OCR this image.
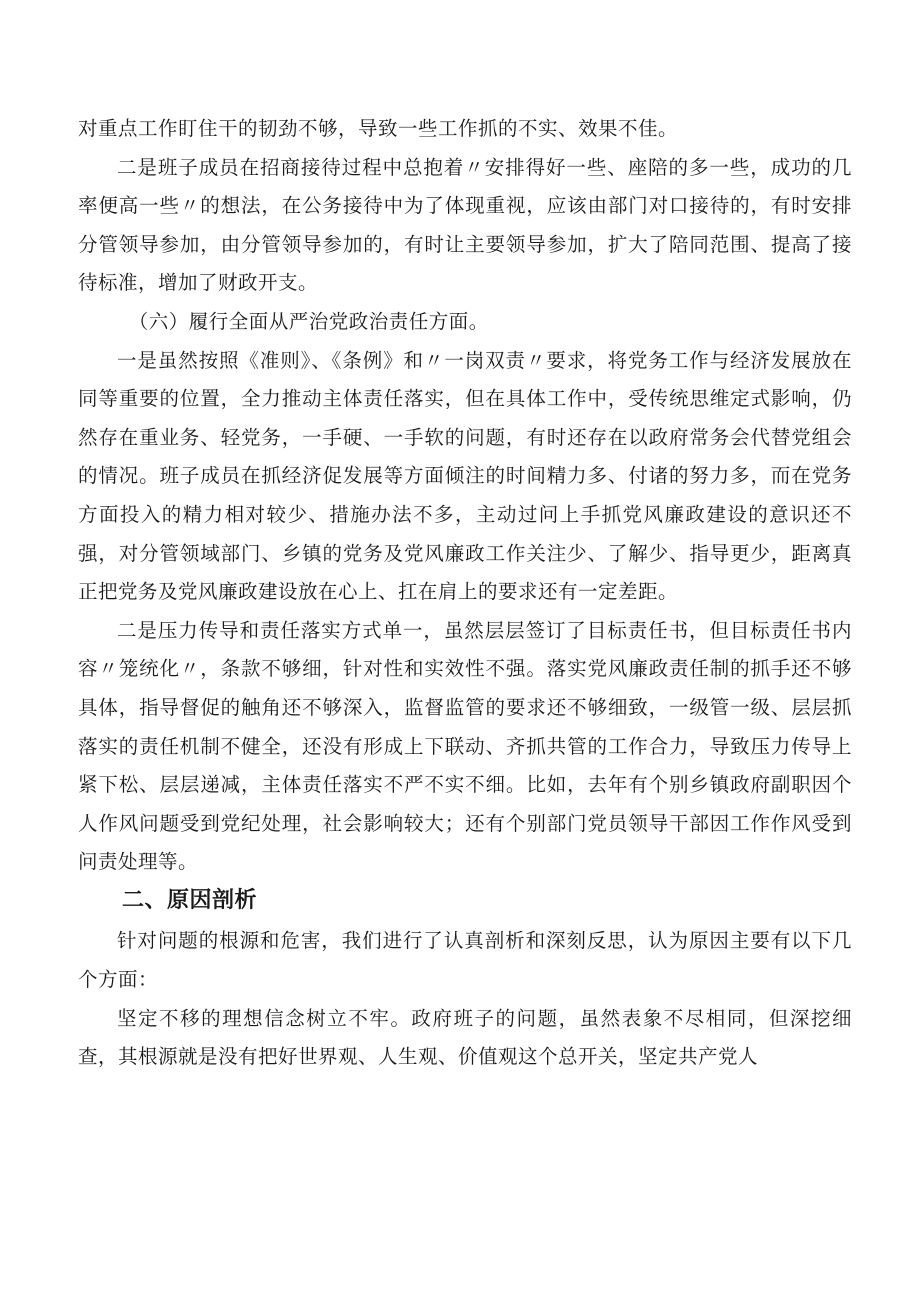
对重点工作盯住干的韧劲不够，导致一些工作抓的不实、效果不佳。

二是班子成员在招商接待过程中总抱着〃安排得好一些、座陪的多一些，成功的几率便高一些〃的想法，在公务接待中为了体现重视，应该由部门对口接待的，有时安排分管领导参加，由分管领导参加的，有时让主要领导参加，扩大了陪同范围、提高了接待标准，增加了财政开支。

（六）履行全面从严治党政治责任方面。

一是虽然按照《准则》、《条例》和〃一岗双责〃要求，将党务工作与经济发展放在同等重要的位置，全力推动主体责任落实，但在具体工作中，受传统思维定式影响，仍然存在重业务、轻党务，一手硬、一手软的问题，有时还存在以政府常务会代替党组会的情况。班子成员在抓经济促发展等方面倾注的时间精力多、付诸的努力多，而在党务方面投入的精力相对较少、措施办法不多，主动过问上手抓党风廉政建设的意识还不强，对分管领域部门、乡镇的党务及党风廉政工作关注少、了解少、指导更少，距离真正把党务及党风廉政建设放在心上、扛在肩上的要求还有一定差距。

二是压力传导和责任落实方式单一，虽然层层签订了目标责任书，但目标责任书内容〃笼统化〃，条款不够细，针对性和实效性不强。落实党风廉政责任制的抓手还不够具体，指导督促的触角还不够深入，监督监管的要求还不够细致，一级管一级、层层抓落实的责任机制不健全，还没有形成上下联动、齐抓共管的工作合力，导致压力传导上紧下松、层层递减，主体责任落实不严不实不细。比如，去年有个别乡镇政府副职因个人作风问题受到党纪处理，社会影响较大；还有个别部门党员领导干部因工作作风受到问责处理等。

二、原因剖析

针对问题的根源和危害，我们进行了认真剖析和深刻反思，认为原因主要有以下几个方面：

坚定不移的理想信念树立不牢。政府班子的问题，虽然表象不尽相同，但深挖细查，其根源就是没有把好世界观、人生观、价值观这个总开关，坚定共产党人
